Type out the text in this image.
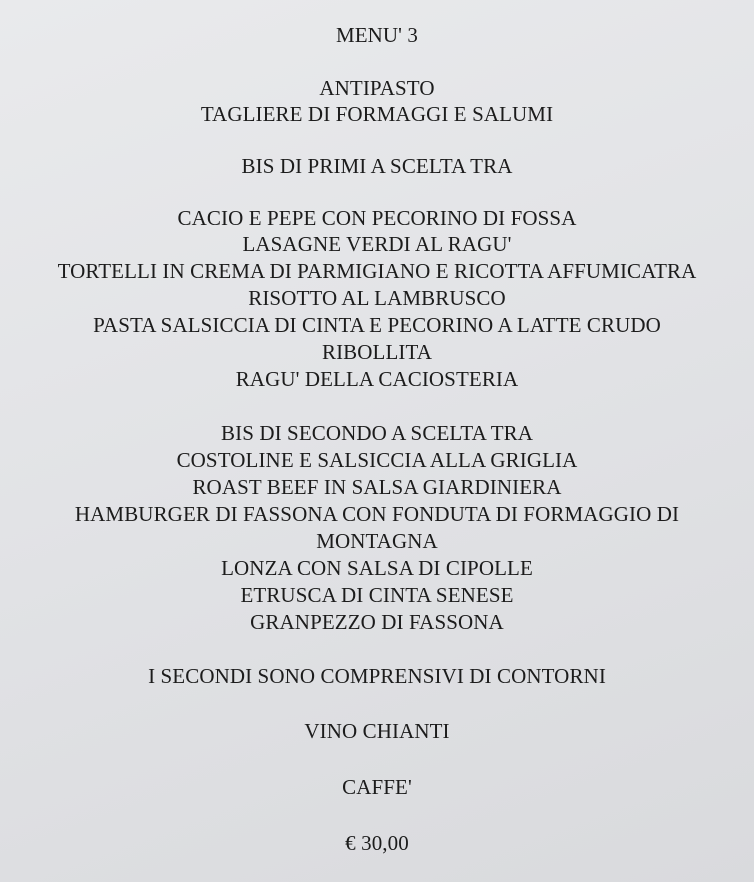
MENU' 3
ANTIPASTO
TAGLIERE DI FORMAGGI E SALUMI
BIS DI PRIMI A SCELTA TRA
CACIO E PEPE CON PECORINO DI FOSSA
LASAGNE VERDI AL RAGU'
TORTELLI IN CREMA DI PARMIGIANO E RICOTTA AFFUMICATRA
RISOTTO AL LAMBRUSCO
PASTA SALSICCIA DI CINTA E PECORINO A LATTE CRUDO
RIBOLLITA
RAGU' DELLA CACIOSTERIA
BIS DI SECONDO A SCELTA TRA
COSTOLINE E SALSICCIA ALLA GRIGLIA
ROAST BEEF IN SALSA GIARDINIERA
HAMBURGER DI FASSONA CON FONDUTA DI FORMAGGIO DI
MONTAGNA
LONZA CON SALSA DI CIPOLLE
ETRUSCA DI CINTA SENESE
GRANPEZZO DI FASSONA
I SECONDI SONO COMPRENSIVI DI CONTORNI
VINO CHIANTI
CAFFE'
€ 30,00
